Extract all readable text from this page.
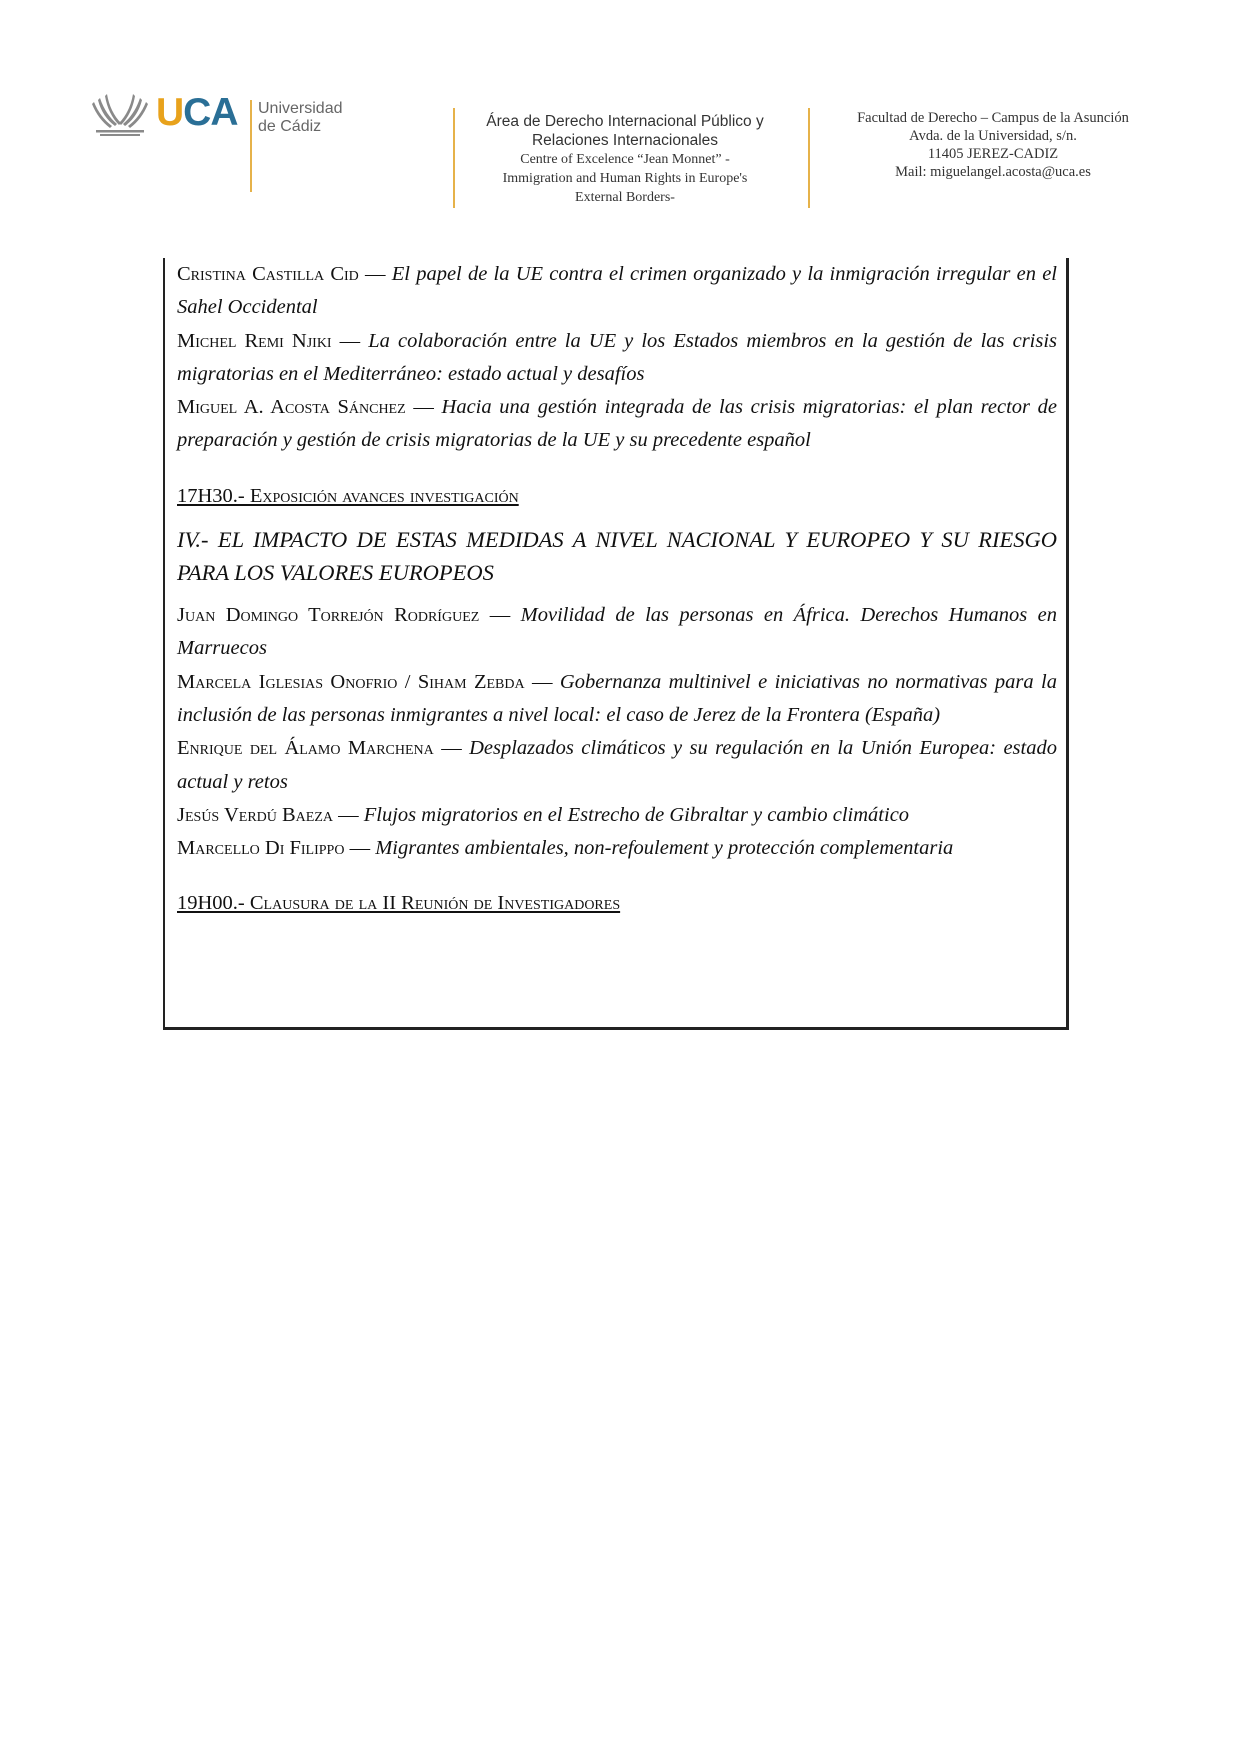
UCA Universidad
de Cádiz	Área de Derecho Internacional Público y
Relaciones Internacionales
Centre of Excelence “Jean Monnet” -
Immigration and Human Rights in Europe's
External Borders-
Facultad de Derecho – Campus de la Asunción
Avda. de la Universidad, s/n.
11405 JEREZ-CADIZ
Mail: miguelangel.acosta@uca.es

Cristina Castilla Cid — El papel de la UE contra el crimen organizado y la inmigración irregular en el Sahel Occidental

Michel Remi Njiki — La colaboración entre la UE y los Estados miembros en la gestión de las crisis migratorias en el Mediterráneo: estado actual y desafíos

Miguel A. Acosta Sánchez — Hacia una gestión integrada de las crisis migratorias: el plan rector de preparación y gestión de crisis migratorias de la UE y su precedente español

17H30.- Exposición avances investigación

IV.- EL IMPACTO DE ESTAS MEDIDAS A NIVEL NACIONAL Y EUROPEO Y SU RIESGO PARA LOS VALORES EUROPEOS

Juan Domingo Torrejón Rodríguez — Movilidad de las personas en África. Derechos Humanos en Marruecos

Marcela Iglesias Onofrio / Siham Zebda — Gobernanza multinivel e iniciativas no normativas para la inclusión de las personas inmigrantes a nivel local: el caso de Jerez de la Frontera (España)

Enrique del Álamo Marchena — Desplazados climáticos y su regulación en la Unión Europea: estado actual y retos

Jesús Verdú Baeza — Flujos migratorios en el Estrecho de Gibraltar y cambio climático

Marcello Di Filippo — Migrantes ambientales, non-refoulement y protección complementaria

19H00.- Clausura de la II Reunión de Investigadores
